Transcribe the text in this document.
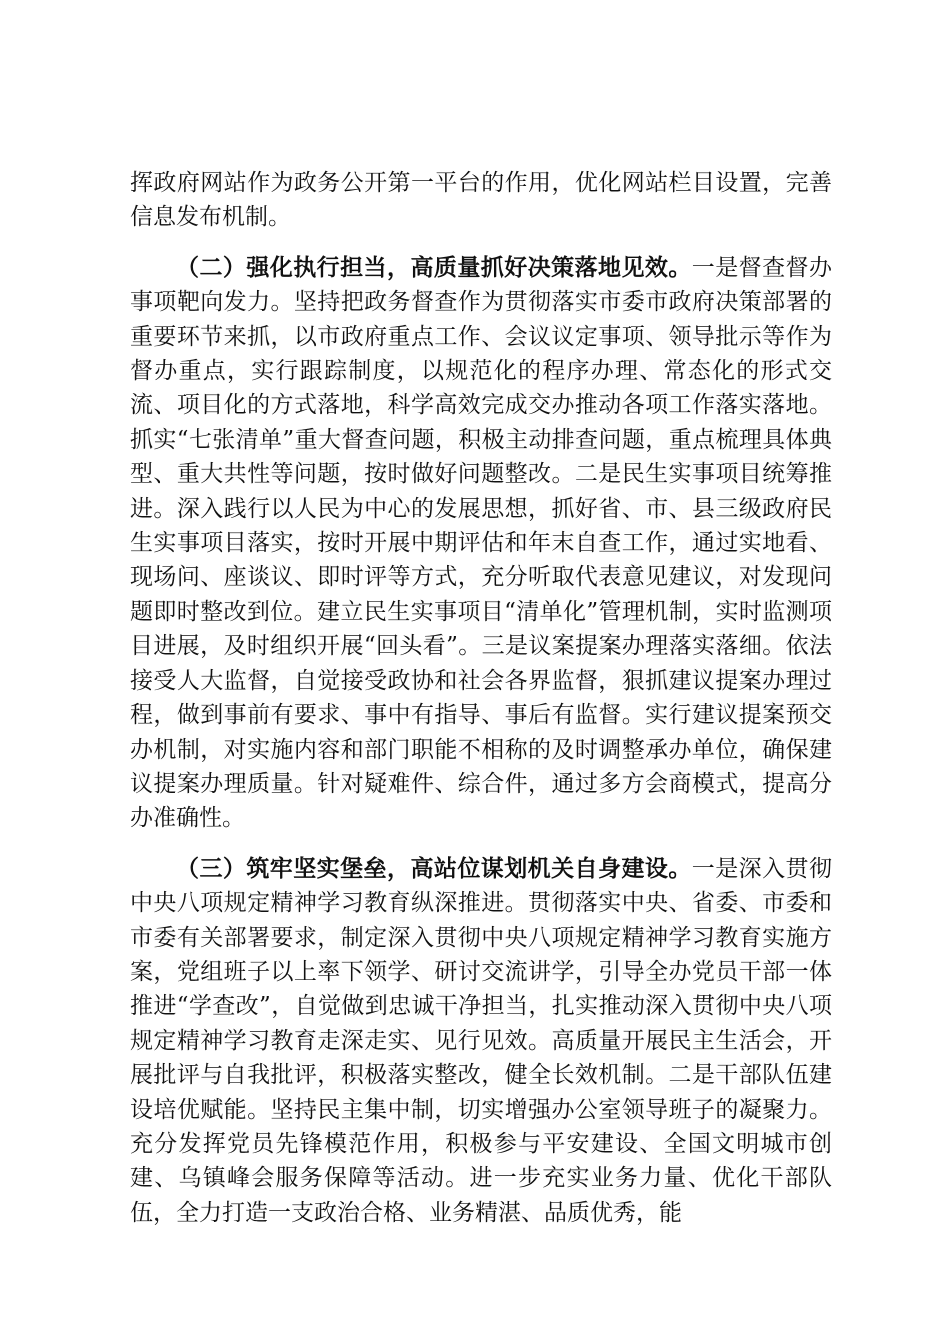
挥政府网站作为政务公开第一平台的作用，优化网站栏目设置，完善信息发布机制。

（二）强化执行担当，高质量抓好决策落地见效。一是督查督办事项靶向发力。坚持把政务督查作为贯彻落实市委市政府决策部署的重要环节来抓，以市政府重点工作、会议议定事项、领导批示等作为督办重点，实行跟踪制度，以规范化的程序办理、常态化的形式交流、项目化的方式落地，科学高效完成交办推动各项工作落实落地。抓实“七张清单”重大督查问题，积极主动排查问题，重点梳理具体典型、重大共性等问题，按时做好问题整改。二是民生实事项目统筹推进。深入践行以人民为中心的发展思想，抓好省、市、县三级政府民生实事项目落实，按时开展中期评估和年末自查工作，通过实地看、现场问、座谈议、即时评等方式，充分听取代表意见建议，对发现问题即时整改到位。建立民生实事项目“清单化”管理机制，实时监测项目进展，及时组织开展“回头看”。三是议案提案办理落实落细。依法接受人大监督，自觉接受政协和社会各界监督，狠抓建议提案办理过程，做到事前有要求、事中有指导、事后有监督。实行建议提案预交办机制，对实施内容和部门职能不相称的及时调整承办单位，确保建议提案办理质量。针对疑难件、综合件，通过多方会商模式，提高分办准确性。

（三）筑牢坚实堡垒，高站位谋划机关自身建设。一是深入贯彻中央八项规定精神学习教育纵深推进。贯彻落实中央、省委、市委和市委有关部署要求，制定深入贯彻中央八项规定精神学习教育实施方案，党组班子以上率下领学、研讨交流讲学，引导全办党员干部一体推进“学查改”，自觉做到忠诚干净担当，扎实推动深入贯彻中央八项规定精神学习教育走深走实、见行见效。高质量开展民主生活会，开展批评与自我批评，积极落实整改，健全长效机制。二是干部队伍建设培优赋能。坚持民主集中制，切实增强办公室领导班子的凝聚力。充分发挥党员先锋模范作用，积极参与平安建设、全国文明城市创建、乌镇峰会服务保障等活动。进一步充实业务力量、优化干部队伍，全力打造一支政治合格、业务精湛、品质优秀，能
